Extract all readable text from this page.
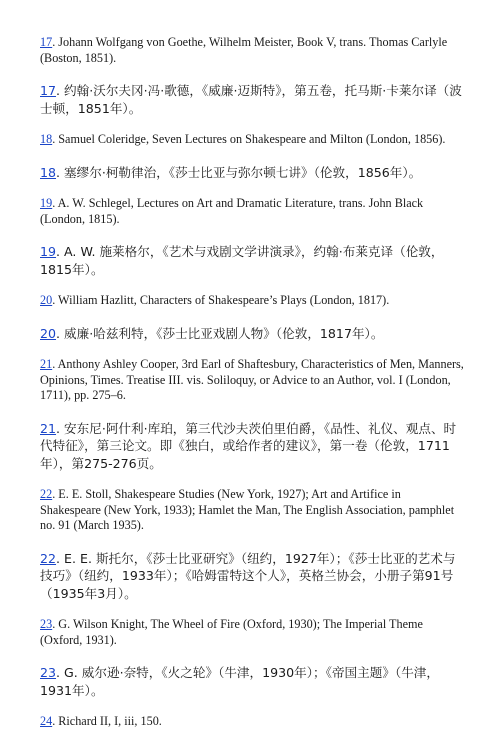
17. Johann Wolfgang von Goethe, Wilhelm Meister, Book V, trans. Thomas Carlyle (Boston, 1851).

17. 约翰·沃尔夫冈·冯·歌德，《威廉·迈斯特》，第五卷，托马斯·卡莱尔译（波士顿，1851年）。

18. Samuel Coleridge, Seven Lectures on Shakespeare and Milton (London, 1856).

18. 塞缪尔·柯勒律治，《莎士比亚与弥尔顿七讲》（伦敦，1856年）。

19. A. W. Schlegel, Lectures on Art and Dramatic Literature, trans. John Black (London, 1815).

19. A. W. 施莱格尔，《艺术与戏剧文学讲演录》，约翰·布莱克译（伦敦，1815年）。

20. William Hazlitt, Characters of Shakespeare’s Plays (London, 1817).

20. 威廉·哈兹利特，《莎士比亚戏剧人物》（伦敦，1817年）。

21. Anthony Ashley Cooper, 3rd Earl of Shaftesbury, Characteristics of Men, Manners, Opinions, Times. Treatise III. vis. Soliloquy, or Advice to an Author, vol. I (London, 1711), pp. 275–6.

21. 安东尼·阿什利·库珀，第三代沙夫茨伯里伯爵，《品性、礼仪、观点、时代特征》，第三论文。即《独白，或给作者的建议》，第一卷（伦敦，1711年），第275-276页。

22. E. E. Stoll, Shakespeare Studies (New York, 1927); Art and Artifice in Shakespeare (New York, 1933); Hamlet the Man, The English Association, pamphlet no. 91 (March 1935).

22. E. E. 斯托尔，《莎士比亚研究》（纽约，1927年）；《莎士比亚的艺术与技巧》（纽约，1933年）；《哈姆雷特这个人》，英格兰协会，小册子第91号（1935年3月）。

23. G. Wilson Knight, The Wheel of Fire (Oxford, 1930); The Imperial Theme (Oxford, 1931).

23. G. 威尔逊·奈特，《火之轮》（牛津，1930年）；《帝国主题》（牛津，1931年）。

24. Richard II, I, iii, 150.
